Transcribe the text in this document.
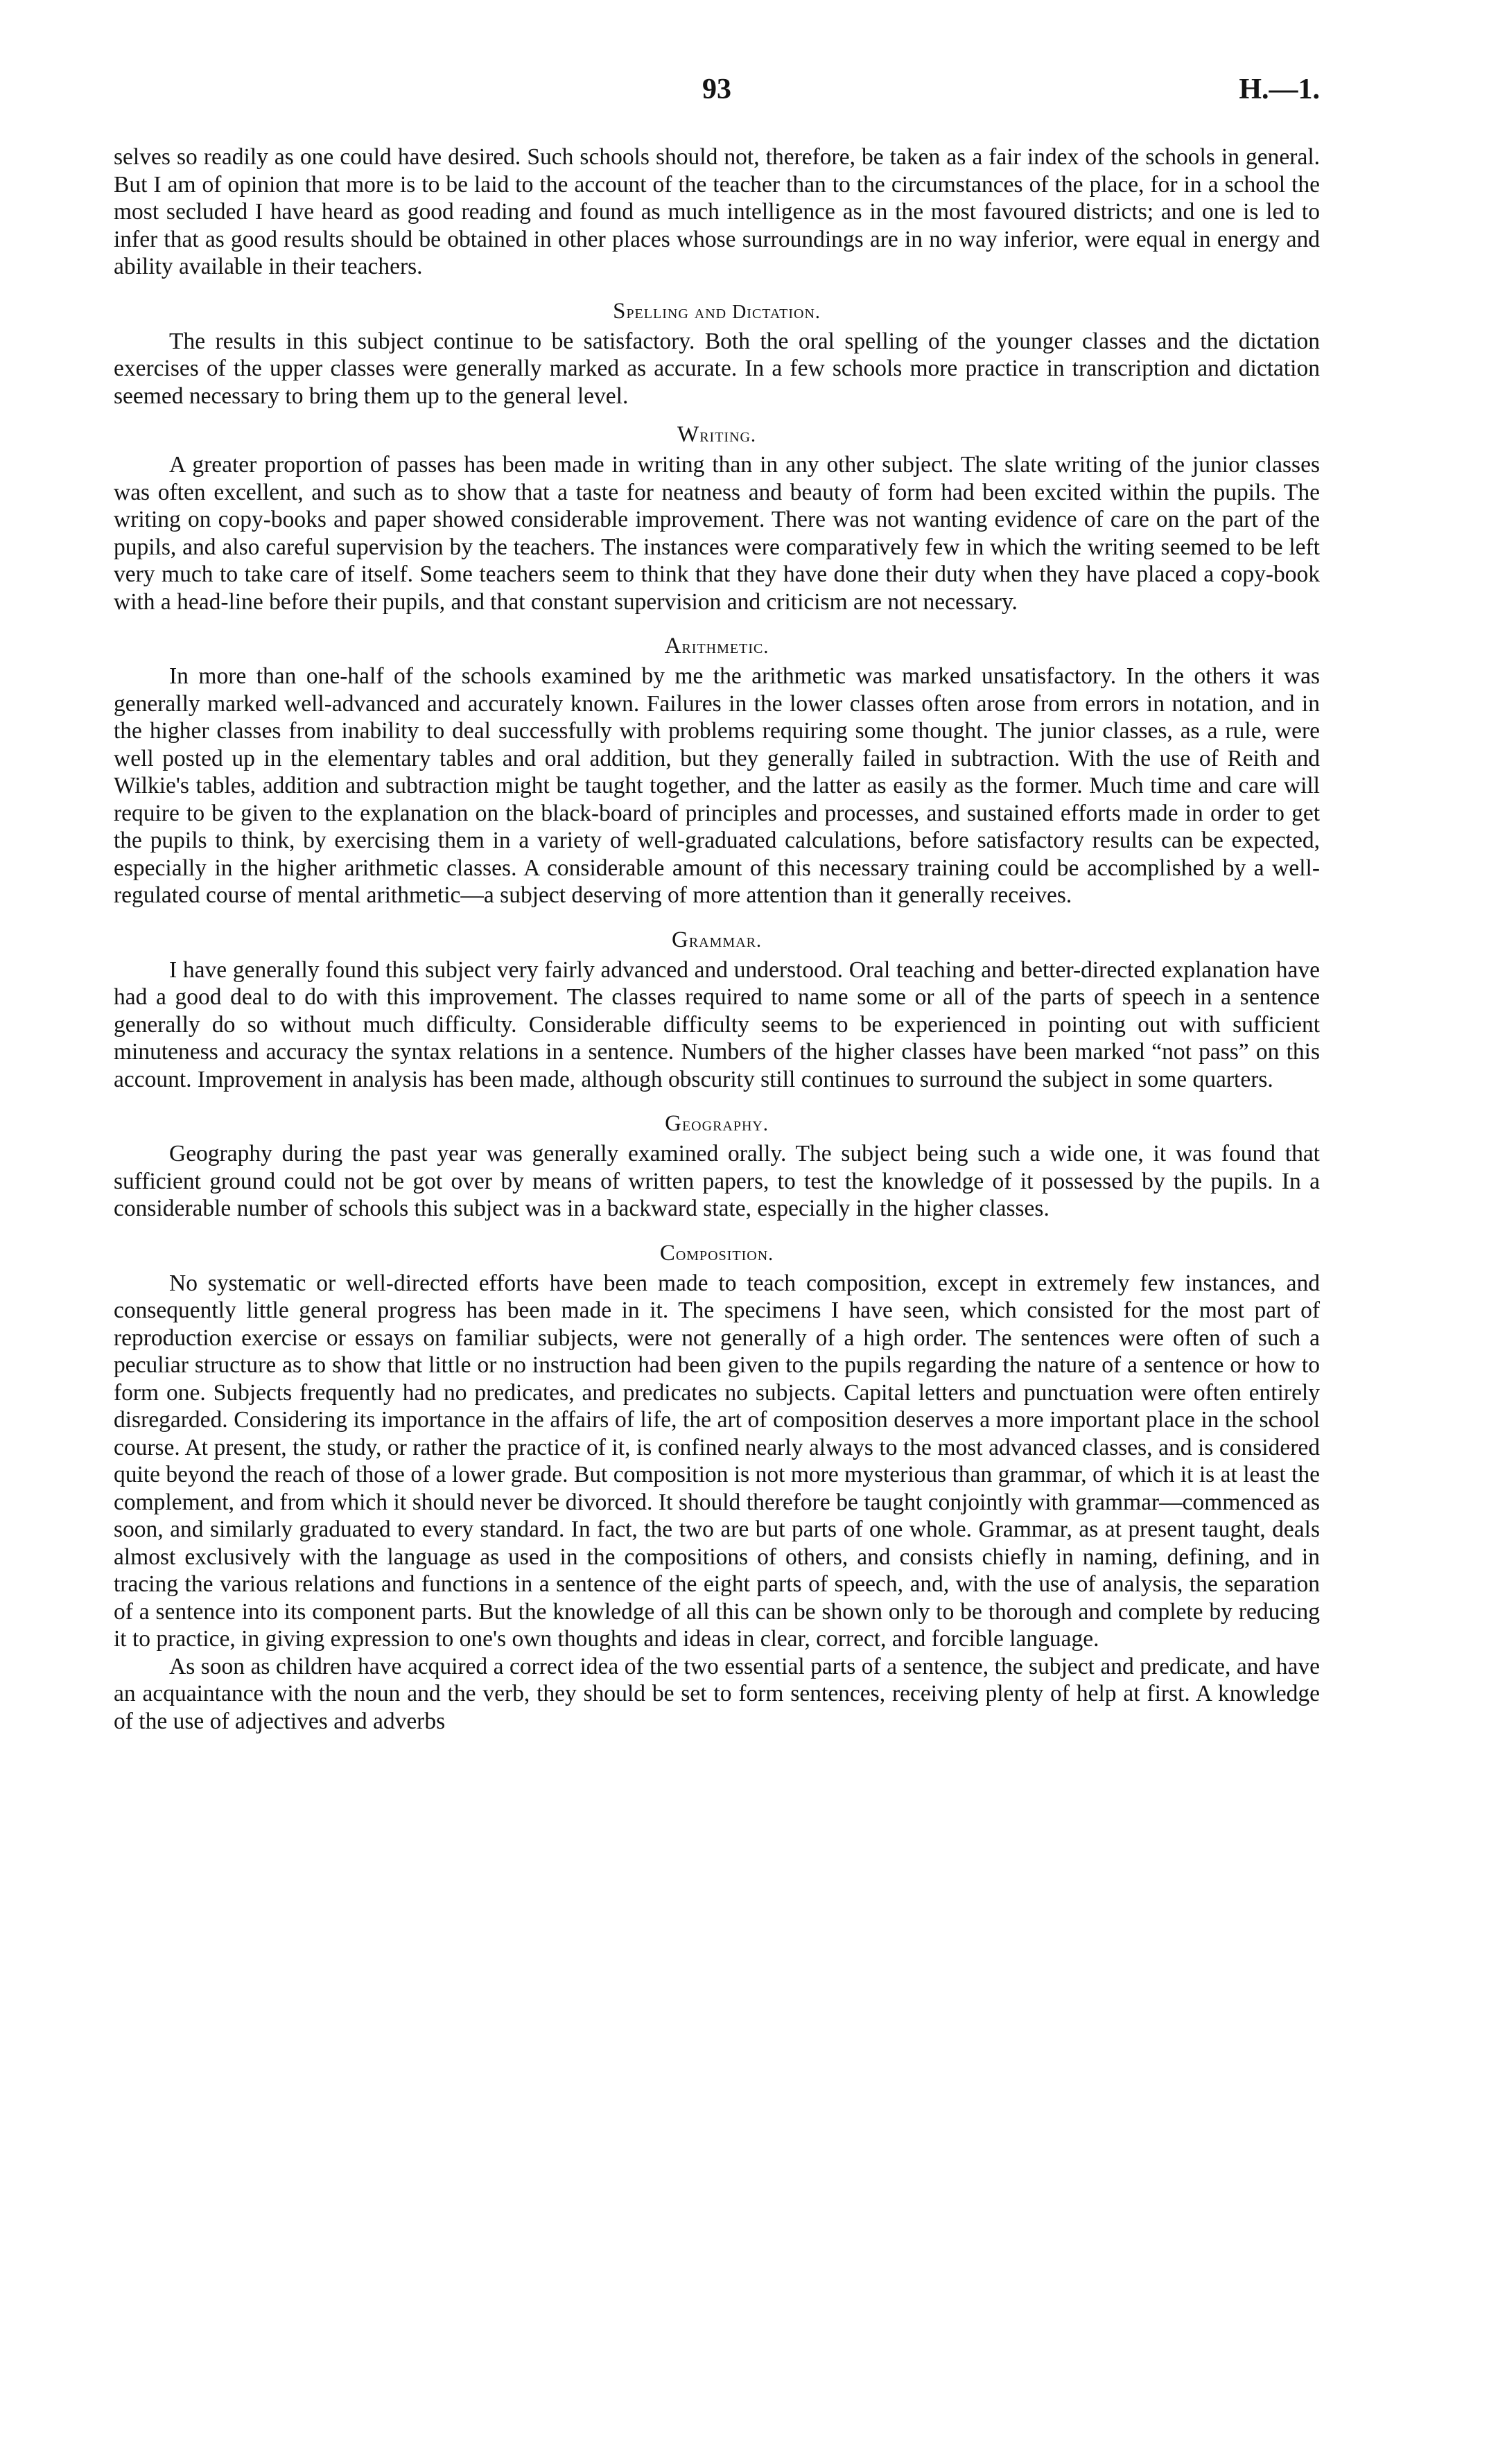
93	H.—1.

selves so readily as one could have desired. Such schools should not, therefore, be taken as a fair index of the schools in general. But I am of opinion that more is to be laid to the account of the teacher than to the circumstances of the place, for in a school the most secluded I have heard as good reading and found as much intelligence as in the most favoured districts; and one is led to infer that as good results should be obtained in other places whose surroundings are in no way inferior, were equal in energy and ability available in their teachers.

Spelling and Dictation.

The results in this subject continue to be satisfactory. Both the oral spelling of the younger classes and the dictation exercises of the upper classes were generally marked as accurate. In a few schools more practice in transcription and dictation seemed necessary to bring them up to the general level.

Writing.

A greater proportion of passes has been made in writing than in any other subject. The slate writing of the junior classes was often excellent, and such as to show that a taste for neatness and beauty of form had been excited within the pupils. The writing on copy-books and paper showed considerable improvement. There was not wanting evidence of care on the part of the pupils, and also careful supervision by the teachers. The instances were comparatively few in which the writing seemed to be left very much to take care of itself. Some teachers seem to think that they have done their duty when they have placed a copy-book with a head-line before their pupils, and that constant supervision and criticism are not necessary.

Arithmetic.

In more than one-half of the schools examined by me the arithmetic was marked unsatisfactory. In the others it was generally marked well-advanced and accurately known. Failures in the lower classes often arose from errors in notation, and in the higher classes from inability to deal successfully with problems requiring some thought. The junior classes, as a rule, were well posted up in the elementary tables and oral addition, but they generally failed in subtraction. With the use of Reith and Wilkie's tables, addition and subtraction might be taught together, and the latter as easily as the former. Much time and care will require to be given to the explanation on the black-board of principles and processes, and sustained efforts made in order to get the pupils to think, by exercising them in a variety of well-graduated calculations, before satisfactory results can be expected, especially in the higher arithmetic classes. A considerable amount of this necessary training could be accomplished by a well-regulated course of mental arithmetic—a subject deserving of more attention than it generally receives.

Grammar.

I have generally found this subject very fairly advanced and understood. Oral teaching and better-directed explanation have had a good deal to do with this improvement. The classes required to name some or all of the parts of speech in a sentence generally do so without much difficulty. Considerable difficulty seems to be experienced in pointing out with sufficient minuteness and accuracy the syntax relations in a sentence. Numbers of the higher classes have been marked “not pass” on this account. Improvement in analysis has been made, although obscurity still continues to surround the subject in some quarters.

Geography.

Geography during the past year was generally examined orally. The subject being such a wide one, it was found that sufficient ground could not be got over by means of written papers, to test the knowledge of it possessed by the pupils. In a considerable number of schools this subject was in a backward state, especially in the higher classes.

Composition.

No systematic or well-directed efforts have been made to teach composition, except in extremely few instances, and consequently little general progress has been made in it. The specimens I have seen, which consisted for the most part of reproduction exercise or essays on familiar subjects, were not generally of a high order. The sentences were often of such a peculiar structure as to show that little or no instruction had been given to the pupils regarding the nature of a sentence or how to form one. Subjects frequently had no predicates, and predicates no subjects. Capital letters and punctuation were often entirely disregarded. Considering its importance in the affairs of life, the art of composition deserves a more important place in the school course. At present, the study, or rather the practice of it, is confined nearly always to the most advanced classes, and is considered quite beyond the reach of those of a lower grade. But composition is not more mysterious than grammar, of which it is at least the complement, and from which it should never be divorced. It should therefore be taught conjointly with grammar—commenced as soon, and similarly graduated to every standard. In fact, the two are but parts of one whole. Grammar, as at present taught, deals almost exclusively with the language as used in the compositions of others, and consists chiefly in naming, defining, and in tracing the various relations and functions in a sentence of the eight parts of speech, and, with the use of analysis, the separation of a sentence into its component parts. But the knowledge of all this can be shown only to be thorough and complete by reducing it to practice, in giving expression to one's own thoughts and ideas in clear, correct, and forcible language.

As soon as children have acquired a correct idea of the two essential parts of a sentence, the subject and predicate, and have an acquaintance with the noun and the verb, they should be set to form sentences, receiving plenty of help at first. A knowledge of the use of adjectives and adverbs
